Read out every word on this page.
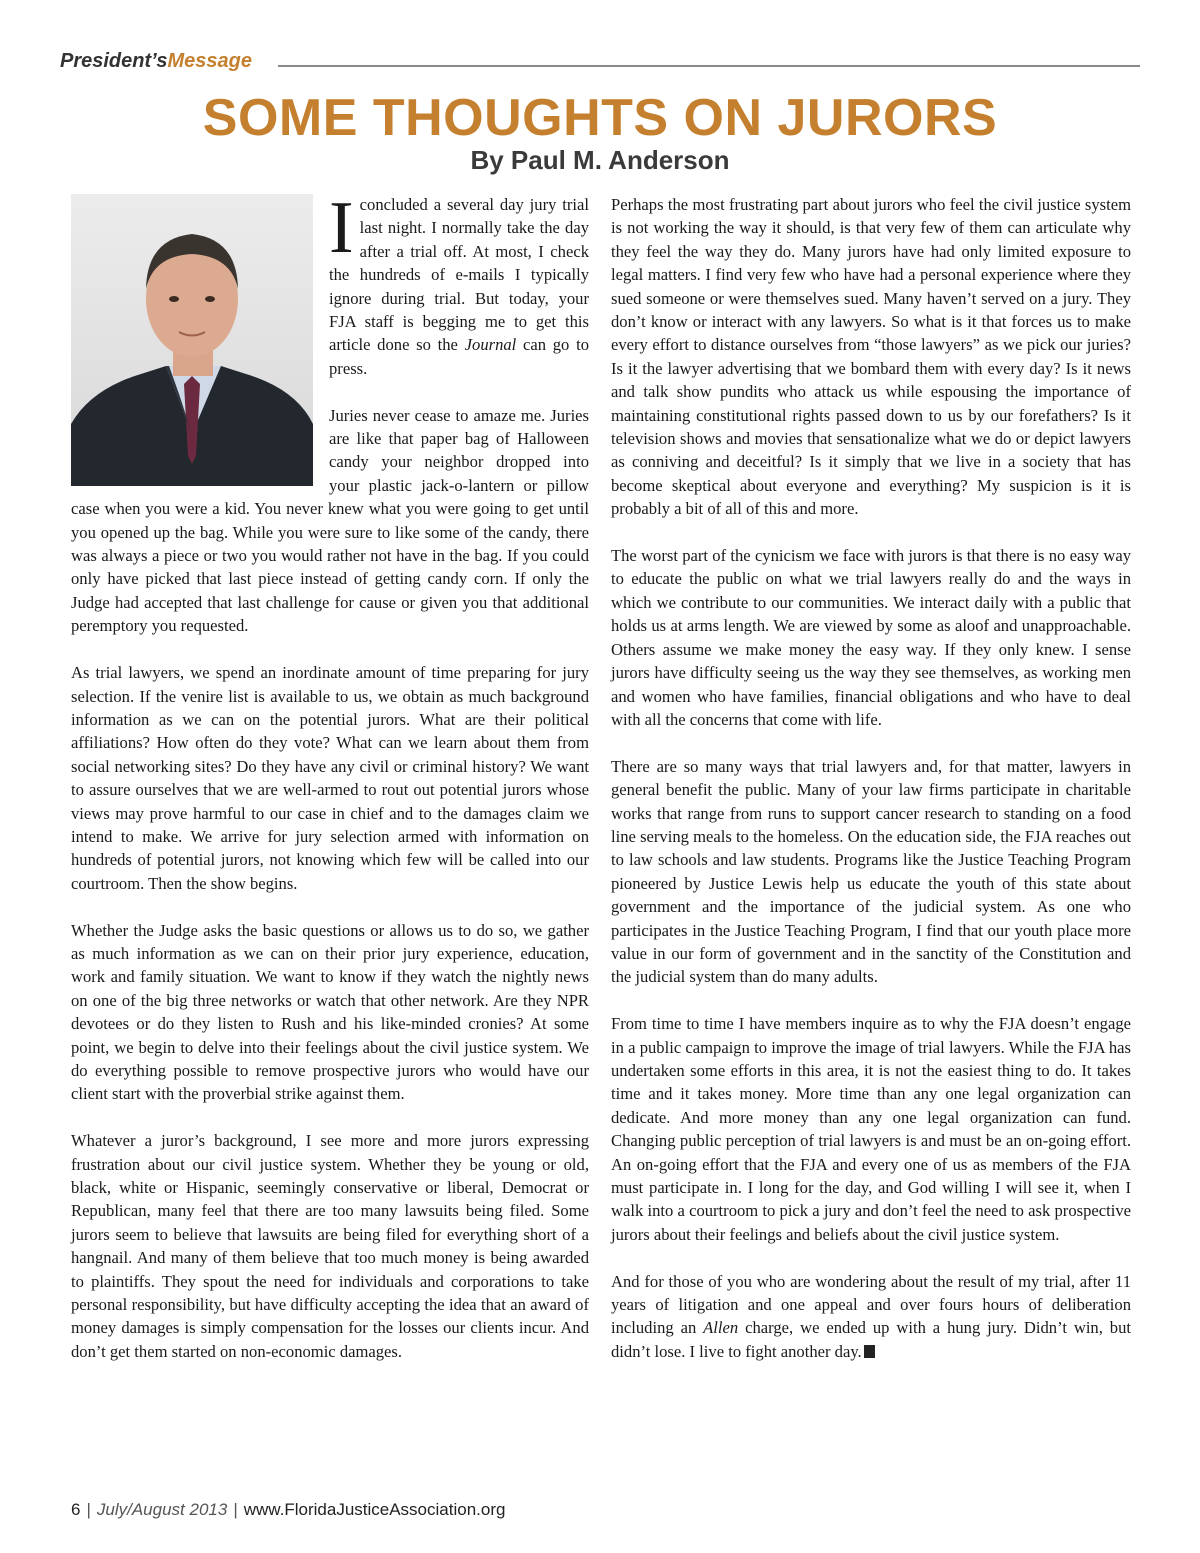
President’sMessage
SOME THOUGHTS ON JURORS
By Paul M. Anderson

I concluded a several day jury trial last night. I normally take the day after a trial off. At most, I check the hundreds of e-mails I typically ignore during trial. But today, your FJA staff is begging me to get this article done so the Journal can go to press.

Juries never cease to amaze me. Juries are like that paper bag of Halloween candy your neighbor dropped into your plastic jack-o-lantern or pillow case when you were a kid. You never knew what you were going to get until you opened up the bag. While you were sure to like some of the candy, there was always a piece or two you would rather not have in the bag. If you could only have picked that last piece instead of getting candy corn. If only the Judge had accepted that last challenge for cause or given you that additional peremptory you requested.

As trial lawyers, we spend an inordinate amount of time preparing for jury selection. If the venire list is available to us, we obtain as much background information as we can on the potential jurors. What are their political affiliations? How often do they vote? What can we learn about them from social networking sites? Do they have any civil or criminal history? We want to assure ourselves that we are well-armed to rout out potential jurors whose views may prove harmful to our case in chief and to the damages claim we intend to make. We arrive for jury selection armed with information on hundreds of potential jurors, not knowing which few will be called into our courtroom. Then the show begins.

Whether the Judge asks the basic questions or allows us to do so, we gather as much information as we can on their prior jury experience, education, work and family situation. We want to know if they watch the nightly news on one of the big three networks or watch that other network. Are they NPR devotees or do they listen to Rush and his like-minded cronies? At some point, we begin to delve into their feelings about the civil justice system. We do everything possible to remove prospective jurors who would have our client start with the proverbial strike against them.

Whatever a juror’s background, I see more and more jurors expressing frustration about our civil justice system. Whether they be young or old, black, white or Hispanic, seemingly conservative or liberal, Democrat or Republican, many feel that there are too many lawsuits being filed. Some jurors seem to believe that lawsuits are being filed for everything short of a hangnail. And many of them believe that too much money is being awarded to plaintiffs. They spout the need for individuals and corporations to take personal responsibility, but have difficulty accepting the idea that an award of money damages is simply compensation for the losses our clients incur. And don’t get them started on non-economic damages.

Perhaps the most frustrating part about jurors who feel the civil justice system is not working the way it should, is that very few of them can articulate why they feel the way they do. Many jurors have had only limited exposure to legal matters. I find very few who have had a personal experience where they sued someone or were themselves sued. Many haven’t served on a jury. They don’t know or interact with any lawyers. So what is it that forces us to make every effort to distance ourselves from “those lawyers” as we pick our juries? Is it the lawyer advertising that we bombard them with every day? Is it news and talk show pundits who attack us while espousing the importance of maintaining constitutional rights passed down to us by our forefathers? Is it television shows and movies that sensationalize what we do or depict lawyers as conniving and deceitful? Is it simply that we live in a society that has become skeptical about everyone and everything? My suspicion is it is probably a bit of all of this and more.

The worst part of the cynicism we face with jurors is that there is no easy way to educate the public on what we trial lawyers really do and the ways in which we contribute to our communities. We interact daily with a public that holds us at arms length. We are viewed by some as aloof and unapproachable. Others assume we make money the easy way. If they only knew. I sense jurors have difficulty seeing us the way they see themselves, as working men and women who have families, financial obligations and who have to deal with all the concerns that come with life.

There are so many ways that trial lawyers and, for that matter, lawyers in general benefit the public. Many of your law firms participate in charitable works that range from runs to support cancer research to standing on a food line serving meals to the homeless. On the education side, the FJA reaches out to law schools and law students. Programs like the Justice Teaching Program pioneered by Justice Lewis help us educate the youth of this state about government and the importance of the judicial system. As one who participates in the Justice Teaching Program, I find that our youth place more value in our form of government and in the sanctity of the Constitution and the judicial system than do many adults.

From time to time I have members inquire as to why the FJA doesn’t engage in a public campaign to improve the image of trial lawyers. While the FJA has undertaken some efforts in this area, it is not the easiest thing to do. It takes time and it takes money. More time than any one legal organization can dedicate. And more money than any one legal organization can fund. Changing public perception of trial lawyers is and must be an on-going effort. An on-going effort that the FJA and every one of us as members of the FJA must participate in. I long for the day, and God willing I will see it, when I walk into a courtroom to pick a jury and don’t feel the need to ask prospective jurors about their feelings and beliefs about the civil justice system.

And for those of you who are wondering about the result of my trial, after 11 years of litigation and one appeal and over fours hours of deliberation including an Allen charge, we ended up with a hung jury. Didn’t win, but didn’t lose. I live to fight another day.

6 | July/August 2013 | www.FloridaJusticeAssociation.org
